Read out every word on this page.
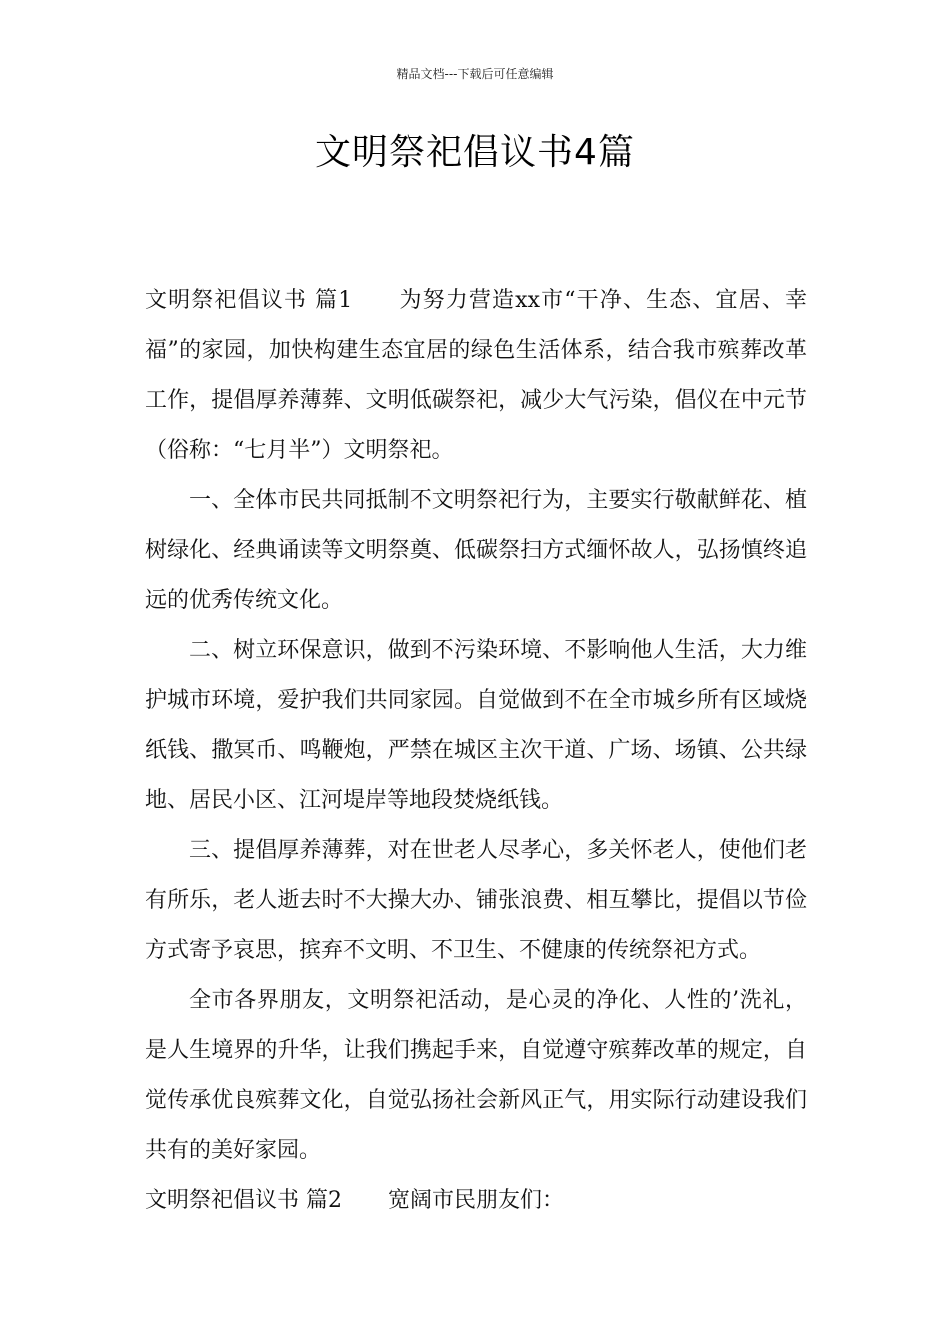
精品文档---下载后可任意编辑
文明祭祀倡议书4篇

文明祭祀倡议书 篇1 为努力营造xx市“干净、生态、宜居、幸福”的家园，加快构建生态宜居的绿色生活体系，结合我市殡葬改革工作，提倡厚养薄葬、文明低碳祭祀，减少大气污染，倡仪在中元节（俗称：“七月半”）文明祭祀。

一、全体市民共同抵制不文明祭祀行为，主要实行敬献鲜花、植树绿化、经典诵读等文明祭奠、低碳祭扫方式缅怀故人，弘扬慎终追远的优秀传统文化。

二、树立环保意识，做到不污染环境、不影响他人生活，大力维护城市环境，爱护我们共同家园。自觉做到不在全市城乡所有区域烧纸钱、撒冥币、鸣鞭炮，严禁在城区主次干道、广场、场镇、公共绿地、居民小区、江河堤岸等地段焚烧纸钱。

三、提倡厚养薄葬，对在世老人尽孝心，多关怀老人，使他们老有所乐，老人逝去时不大操大办、铺张浪费、相互攀比，提倡以节俭方式寄予哀思，摈弃不文明、不卫生、不健康的传统祭祀方式。

全市各界朋友，文明祭祀活动，是心灵的净化、人性的’洗礼，是人生境界的升华，让我们携起手来，自觉遵守殡葬改革的规定，自觉传承优良殡葬文化，自觉弘扬社会新风正气，用实际行动建设我们共有的美好家园。

文明祭祀倡议书 篇2 宽阔市民朋友们：
